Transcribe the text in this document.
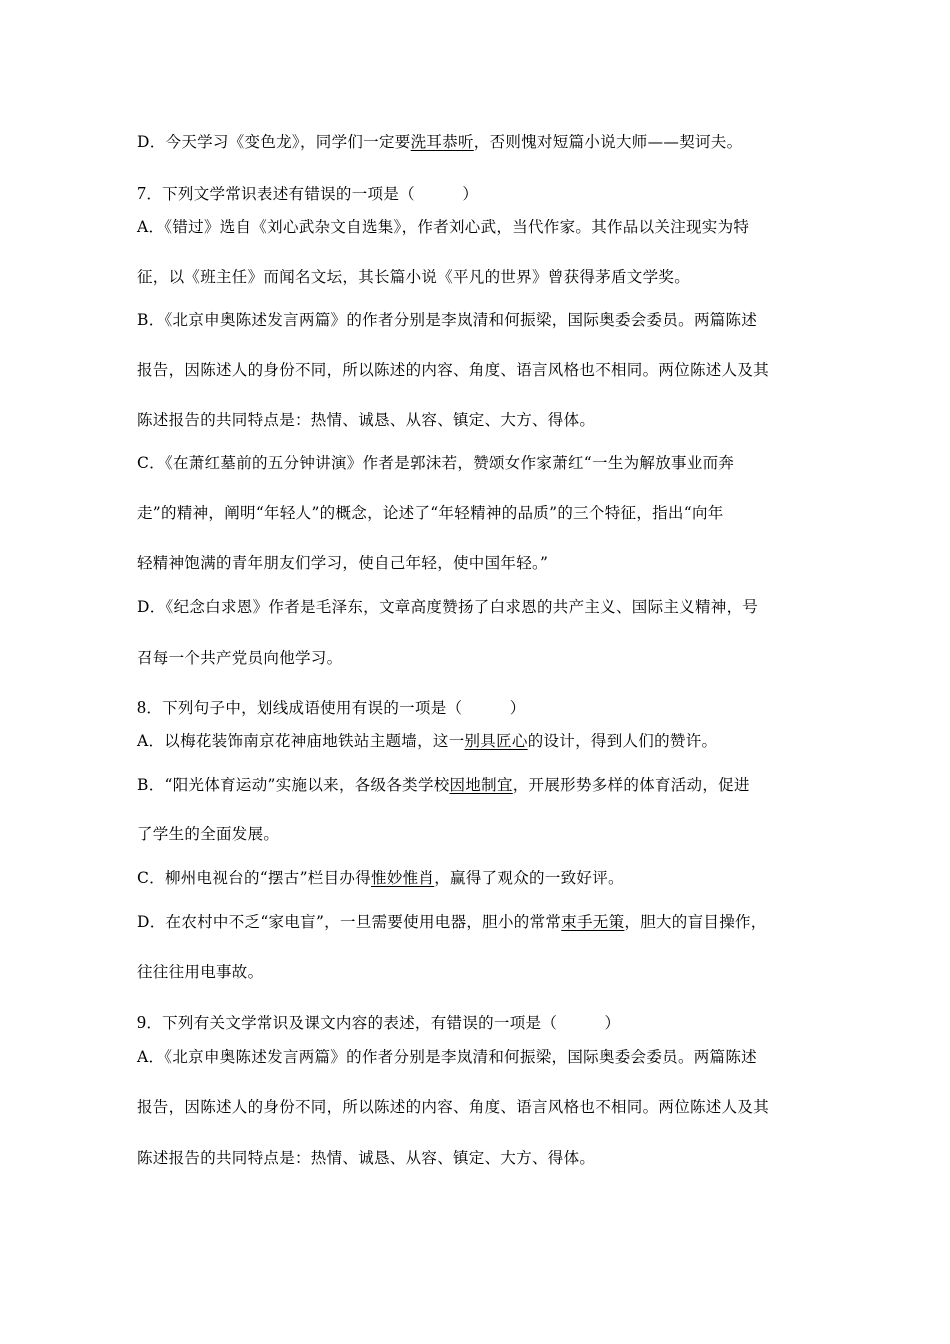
D．今天学习《变色龙》，同学们一定要洗耳恭听，否则愧对短篇小说大师——契诃夫。
7．下列文学常识表述有错误的一项是（　　　）
A．《错过》选自《刘心武杂文自选集》，作者刘心武，当代作家。其作品以关注现实为特
征，以《班主任》而闻名文坛，其长篇小说《平凡的世界》曾获得茅盾文学奖。
B．《北京申奥陈述发言两篇》的作者分别是李岚清和何振梁，国际奥委会委员。两篇陈述
报告，因陈述人的身份不同，所以陈述的内容、角度、语言风格也不相同。两位陈述人及其
陈述报告的共同特点是：热情、诚恳、从容、镇定、大方、得体。
C．《在萧红墓前的五分钟讲演》作者是郭沫若，赞颂女作家萧红“一生为解放事业而奔
走”的精神，阐明“年轻人”的概念，论述了“年轻精神的品质”的三个特征，指出“向年
轻精神饱满的青年朋友们学习，使自己年轻，使中国年轻。”
D．《纪念白求恩》作者是毛泽东，文章高度赞扬了白求恩的共产主义、国际主义精神，号
召每一个共产党员向他学习。
8．下列句子中，划线成语使用有误的一项是（　　　）
A．以梅花装饰南京花神庙地铁站主题墙，这一别具匠心的设计，得到人们的赞许。
B．“阳光体育运动”实施以来，各级各类学校因地制宜，开展形势多样的体育活动，促进
了学生的全面发展。
C．柳州电视台的“摆古”栏目办得惟妙惟肖，赢得了观众的一致好评。
D．在农村中不乏“家电盲”，一旦需要使用电器，胆小的常常束手无策，胆大的盲目操作，
往往往用电事故。
9．下列有关文学常识及课文内容的表述，有错误的一项是（　　　）
A．《北京申奥陈述发言两篇》的作者分别是李岚清和何振梁，国际奥委会委员。两篇陈述
报告，因陈述人的身份不同，所以陈述的内容、角度、语言风格也不相同。两位陈述人及其
陈述报告的共同特点是：热情、诚恳、从容、镇定、大方、得体。
